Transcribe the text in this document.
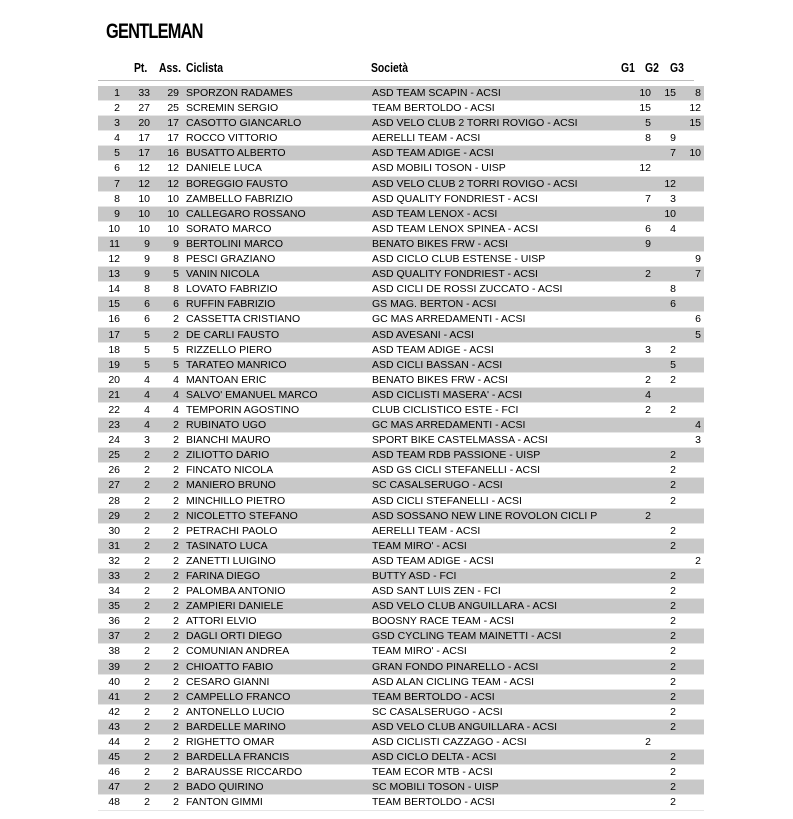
GENTLEMAN
Pt. Ass. Ciclista	Società	G1 G2 G3
1	33	29	SPORZON RADAMES	ASD TEAM SCAPIN - ACSI	10	15	8
2	27	25	SCREMIN SERGIO	TEAM BERTOLDO - ACSI	15		12
3	20	17	CASOTTO GIANCARLO	ASD VELO CLUB 2 TORRI ROVIGO - ACSI	5		15
4	17	17	ROCCO VITTORIO	AERELLI TEAM - ACSI	8	9	
5	17	16	BUSATTO ALBERTO	ASD TEAM ADIGE - ACSI		7	10
6	12	12	DANIELE LUCA	ASD MOBILI TOSON - UISP	12		
7	12	12	BOREGGIO FAUSTO	ASD VELO CLUB 2 TORRI ROVIGO - ACSI		12	
8	10	10	ZAMBELLO FABRIZIO	ASD QUALITY FONDRIEST - ACSI	7	3	
9	10	10	CALLEGARO ROSSANO	ASD TEAM LENOX - ACSI		10	
10	10	10	SORATO MARCO	ASD TEAM LENOX SPINEA - ACSI	6	4	
11	9	9	BERTOLINI MARCO	BENATO BIKES FRW - ACSI	9		
12	9	8	PESCI GRAZIANO	ASD CICLO CLUB ESTENSE - UISP			9
13	9	5	VANIN NICOLA	ASD QUALITY FONDRIEST - ACSI	2		7
14	8	8	LOVATO FABRIZIO	ASD CICLI DE ROSSI ZUCCATO - ACSI		8	
15	6	6	RUFFIN FABRIZIO	GS MAG. BERTON - ACSI		6	
16	6	2	CASSETTA CRISTIANO	GC MAS ARREDAMENTI - ACSI			6
17	5	2	DE CARLI FAUSTO	ASD AVESANI - ACSI			5
18	5	5	RIZZELLO PIERO	ASD TEAM ADIGE - ACSI	3	2	
19	5	5	TARATEO MANRICO	ASD CICLI BASSAN - ACSI		5	
20	4	4	MANTOAN ERIC	BENATO BIKES FRW - ACSI	2	2	
21	4	4	SALVO' EMANUEL MARCO	ASD CICLISTI MASERA' - ACSI	4		
22	4	4	TEMPORIN AGOSTINO	CLUB CICLISTICO ESTE - FCI	2	2	
23	4	2	RUBINATO UGO	GC MAS ARREDAMENTI - ACSI			4
24	3	2	BIANCHI MAURO	SPORT BIKE CASTELMASSA - ACSI			3
25	2	2	ZILIOTTO DARIO	ASD TEAM RDB PASSIONE - UISP		2	
26	2	2	FINCATO NICOLA	ASD GS CICLI STEFANELLI - ACSI		2	
27	2	2	MANIERO BRUNO	SC CASALSERUGO - ACSI		2	
28	2	2	MINCHILLO PIETRO	ASD CICLI STEFANELLI - ACSI		2	
29	2	2	NICOLETTO STEFANO	ASD SOSSANO NEW LINE ROVOLON CICLI P	2		
30	2	2	PETRACHI PAOLO	AERELLI TEAM - ACSI		2	
31	2	2	TASINATO LUCA	TEAM MIRO' - ACSI		2	
32	2	2	ZANETTI LUIGINO	ASD TEAM ADIGE - ACSI			2
33	2	2	FARINA DIEGO	BUTTY ASD - FCI		2	
34	2	2	PALOMBA ANTONIO	ASD SANT LUIS ZEN - FCI		2	
35	2	2	ZAMPIERI DANIELE	ASD VELO CLUB ANGUILLARA - ACSI		2	
36	2	2	ATTORI ELVIO	BOOSNY RACE TEAM - ACSI		2	
37	2	2	DAGLI ORTI DIEGO	GSD CYCLING TEAM MAINETTI - ACSI		2	
38	2	2	COMUNIAN ANDREA	TEAM MIRO' - ACSI		2	
39	2	2	CHIOATTO FABIO	GRAN FONDO PINARELLO - ACSI		2	
40	2	2	CESARO GIANNI	ASD ALAN CICLING TEAM - ACSI		2	
41	2	2	CAMPELLO FRANCO	TEAM BERTOLDO - ACSI		2	
42	2	2	ANTONELLO LUCIO	SC CASALSERUGO - ACSI		2	
43	2	2	BARDELLE MARINO	ASD VELO CLUB ANGUILLARA - ACSI		2	
44	2	2	RIGHETTO OMAR	ASD CICLISTI CAZZAGO - ACSI	2		
45	2	2	BARDELLA FRANCIS	ASD CICLO DELTA - ACSI		2	
46	2	2	BARAUSSE RICCARDO	TEAM ECOR MTB - ACSI		2	
47	2	2	BADO QUIRINO	SC MOBILI TOSON - UISP		2	
48	2	2	FANTON GIMMI	TEAM BERTOLDO - ACSI		2	
